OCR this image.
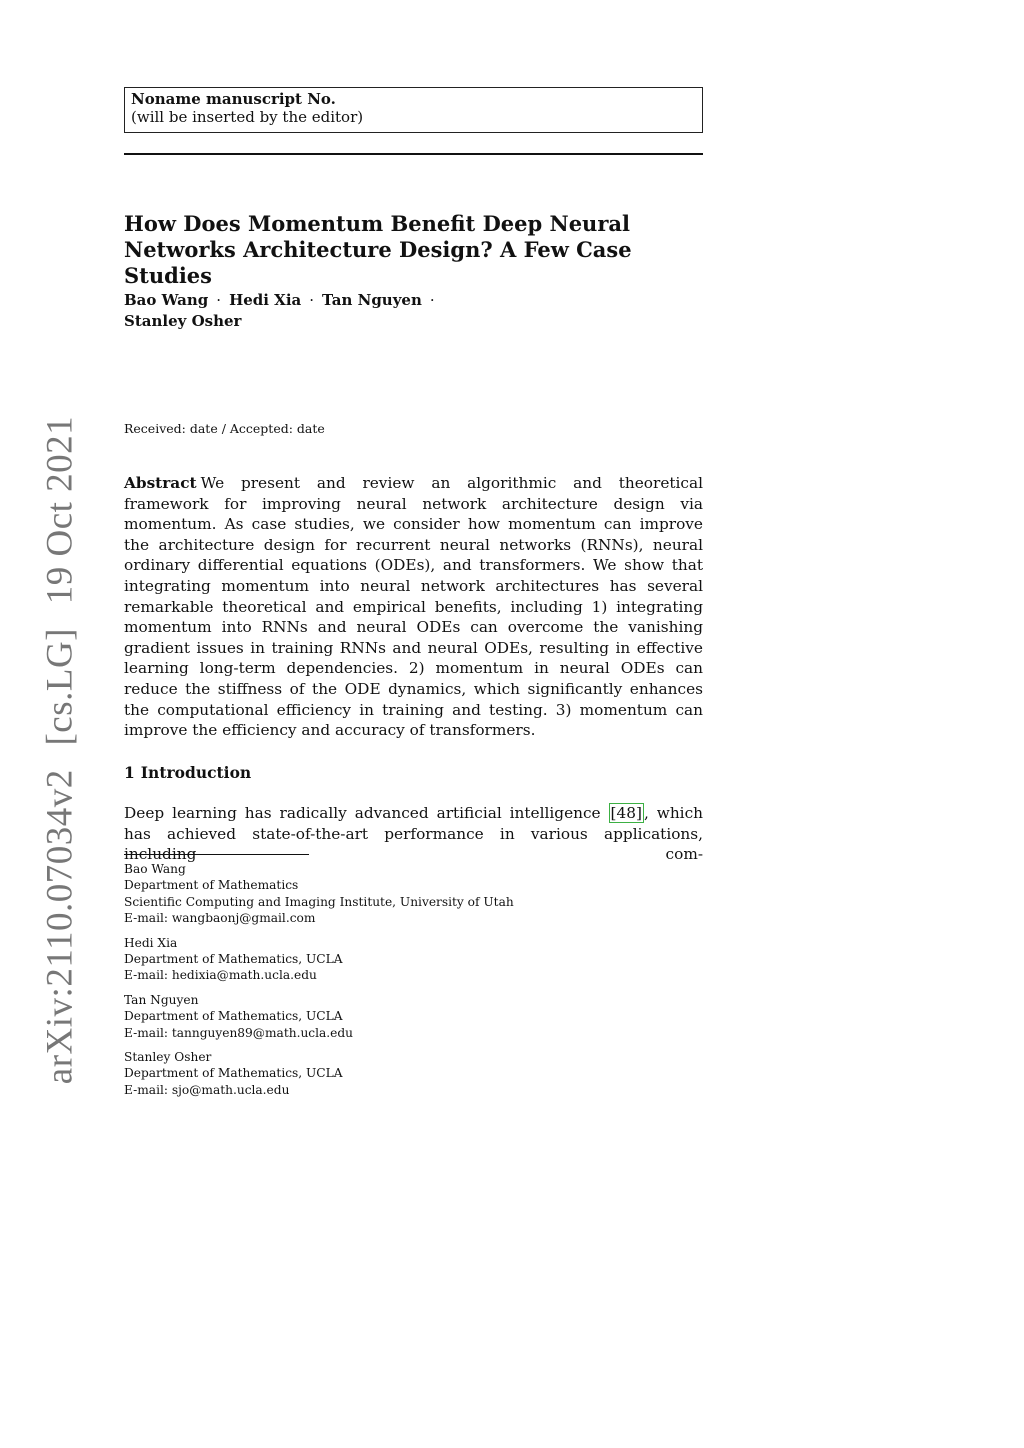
arXiv:2110.07034v2 [cs.LG] 19 Oct 2021
Noname manuscript No.
(will be inserted by the editor)
How Does Momentum Benefit Deep Neural
Networks Architecture Design? A Few Case Studies
Bao Wang · Hedi Xia · Tan Nguyen ·
Stanley Osher
Received: date / Accepted: date

Abstract We present and review an algorithmic and theoretical framework for improving neural network architecture design via momentum. As case studies, we consider how momentum can improve the architecture design for recurrent neural networks (RNNs), neural ordinary differential equations (ODEs), and transformers. We show that integrating momentum into neural network architectures has several remarkable theoretical and empirical benefits, including 1) integrating momentum into RNNs and neural ODEs can overcome the vanishing gradient issues in training RNNs and neural ODEs, resulting in effective learning long-term dependencies. 2) momentum in neural ODEs can reduce the stiffness of the ODE dynamics, which significantly enhances the computational efficiency in training and testing. 3) momentum can improve the efficiency and accuracy of transformers.

1 Introduction

Deep learning has radically advanced artificial intelligence [48] , which has achieved state-of-the-art performance in various applications, including com-

Bao Wang
Department of Mathematics
Scientific Computing and Imaging Institute, University of Utah
E-mail: wangbaonj@gmail.com
Hedi Xia
Department of Mathematics, UCLA
E-mail: hedixia@math.ucla.edu
Tan Nguyen
Department of Mathematics, UCLA
E-mail: tannguyen89@math.ucla.edu
Stanley Osher
Department of Mathematics, UCLA
E-mail: sjo@math.ucla.edu
